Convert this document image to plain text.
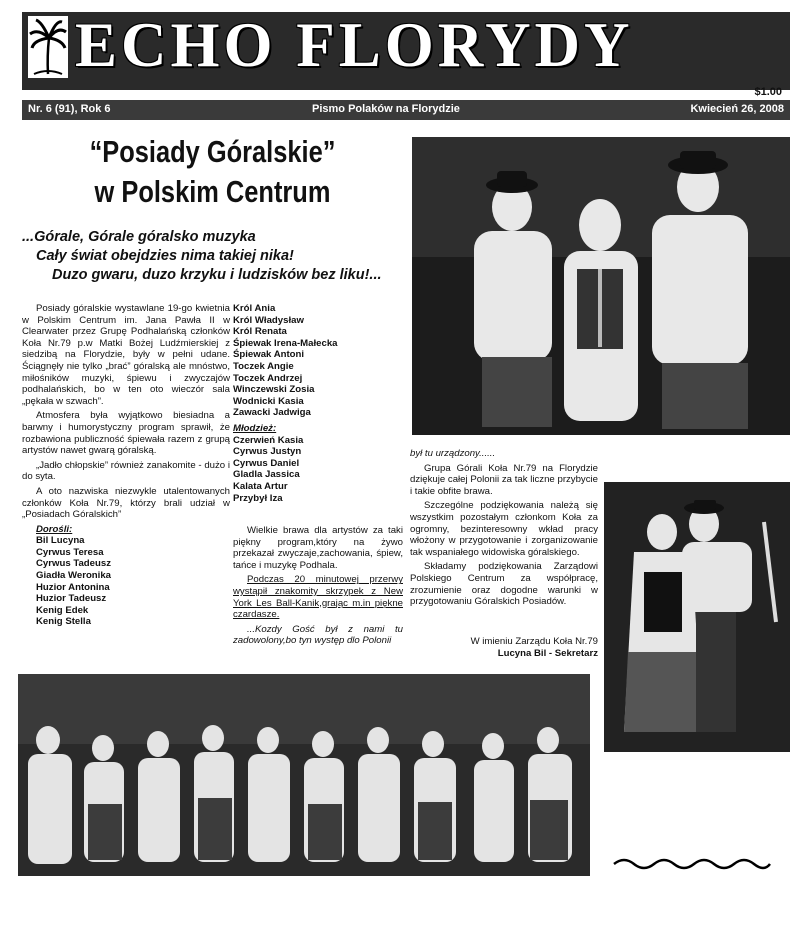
ECHO FLORYDY
$1.00
Nr. 6 (91), Rok 6	Pismo Polaków na Florydzie	Kwiecień 26, 2008
“Posiady Góralskie”
w Polskim Centrum
...Górale, Górale góralsko muzyka
Cały świat obejdzies nima takiej nika!
Duzo gwaru, duzo krzyku i ludzisków bez liku!...

Posiady góralskie wystawlane 19-go kwietnia w Polskim Centrum im. Jana Pawła II w Clearwater przez Grupę Podhalańską członków Koła Nr.79 p.w Matki Bożej Ludźmierskiej z siedzibą na Florydzie, były w pełni udane. Ściągnęły nie tylko „brać” góralską ale mnóstwo, miłośników muzyki, śpiewu i zwyczajów podhalańskich, bo w ten oto wieczór sala „pękała w szwach”.

Atmosfera była wyjątkowo biesiadna a barwny i humorystyczny program sprawił, że rozbawiona publiczność śpiewała razem z grupą artystów nawet gwarą góralską.

„Jadło chłopskie” również zanakomite - dużo i do syta.

A oto nazwiska niezwykle utalentowanych członków Koła Nr.79, którzy brali udział w „Posiadach Góralskich”

Dorośli:
Bil Lucyna
Cyrwus Teresa
Cyrwus Tadeusz
Giadła Weronika
Huzior Antonina
Huzior Tadeusz
Kenig Edek
Kenig Stella
Król Ania
Król Władysław
Król Renata
Śpiewak Irena-Małecka
Śpiewak Antoni
Toczek Angie
Toczek Andrzej
Winczewski Zosia
Wodnicki Kasia
Zawacki Jadwiga
Młodzież:
Czerwień Kasia
Cyrwus Justyn
Cyrwus Daniel
Gladla Jassica
Kalata Artur
Przybył Iza

Wielkie brawa dla artystów za taki piękny program,który na żywo przekazał zwyczaje,zachowania, śpiew, tańce i muzykę Podhala.

Podczas 20 minutowej przerwy wystąpił znakomity skrzypek z New York Les Ball-Kanik,grając m.in piękne czardasze.

...Kozdy Gość był z nami tu zadowolony,bo tyn występ dlo Polonii

był tu urządzony......

Grupa Górali Koła Nr.79 na Florydzie dziękuje całej Polonii za tak liczne przybycie i takie obfite brawa.

Szczególne podziękowania należą się wszystkim pozostałym członkom Koła za ogromny, bezinteresowny wkład pracy włożony w przygotowanie i zorganizowanie tak wspaniałego widowiska góralskiego.

Składamy podziękowania Zarządowi Polskiego Centrum za współpracę, zrozumienie oraz dogodne warunki w przygotowaniu Góralskich Posiadów.

W imieniu Zarządu Koła Nr.79
Lucyna Bil - Sekretarz
